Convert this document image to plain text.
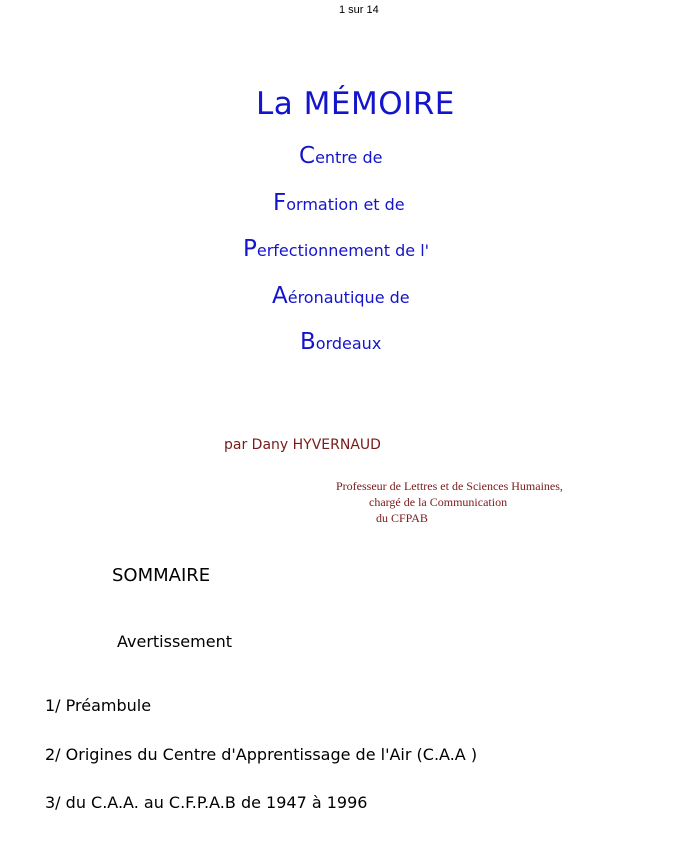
1 sur 14
La MÉMOIRE
Centre de
Formation et de
Perfectionnement de l'
Aéronautique de
Bordeaux
par Dany HYVERNAUD
Professeur de Lettres et de Sciences Humaines,
chargé de la Communication
du CFPAB
SOMMAIRE
Avertissement
1/ Préambule
2/ Origines du Centre d'Apprentissage de l'Air (C.A.A )
3/ du C.A.A. au C.F.P.A.B de 1947 à 1996
